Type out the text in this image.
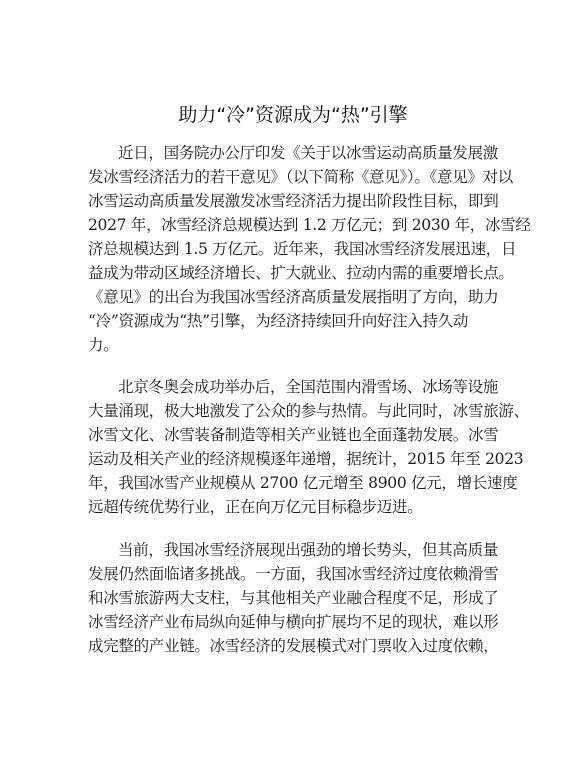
助力“冷”资源成为“热”引擎
近日，国务院办公厅印发《关于以冰雪运动高质量发展激
发冰雪经济活力的若干意见》（以下简称《意见》）。《意见》对以
冰雪运动高质量发展激发冰雪经济活力提出阶段性目标，即到
2027 年，冰雪经济总规模达到 1.2 万亿元；到 2030 年，冰雪经
济总规模达到 1.5 万亿元。近年来，我国冰雪经济发展迅速，日
益成为带动区域经济增长、扩大就业、拉动内需的重要增长点。
《意见》的出台为我国冰雪经济高质量发展指明了方向，助力
“冷”资源成为“热”引擎，为经济持续回升向好注入持久动
力。
北京冬奥会成功举办后，全国范围内滑雪场、冰场等设施
大量涌现，极大地激发了公众的参与热情。与此同时，冰雪旅游、
冰雪文化、冰雪装备制造等相关产业链也全面蓬勃发展。冰雪
运动及相关产业的经济规模逐年递增，据统计，2015 年至 2023
年，我国冰雪产业规模从 2700 亿元增至 8900 亿元，增长速度
远超传统优势行业，正在向万亿元目标稳步迈进。
当前，我国冰雪经济展现出强劲的增长势头，但其高质量
发展仍然面临诸多挑战。一方面，我国冰雪经济过度依赖滑雪
和冰雪旅游两大支柱，与其他相关产业融合程度不足，形成了
冰雪经济产业布局纵向延伸与横向扩展均不足的现状，难以形
成完整的产业链。冰雪经济的发展模式对门票收入过度依赖，
